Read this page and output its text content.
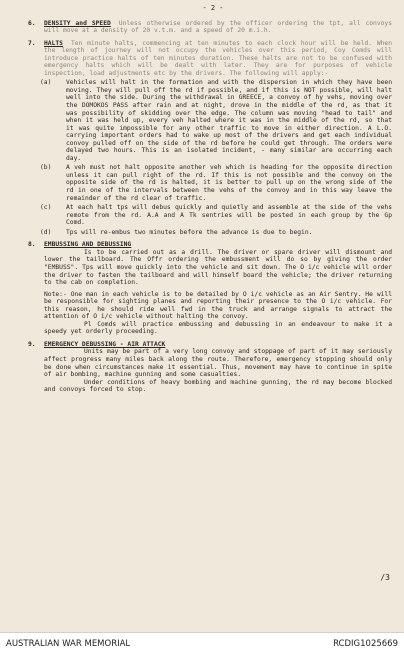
- 2 -
6.	DENSITY and SPEED Unless otherwise ordered by the officer ordering the tpt, all convoys will move at a density of 20 v.t.m. and a speed of 20 m.i.h.

7.	HALTS Ten minute halts, commencing at ten minutes to each clock hour will be held. When the length of journey will not occupy the vehicles over this period, Coy Comds will introduce practice halts of ten minutes duration. These halts are not to be confused with emergency halts which will be dealt with later. They are for purposes of vehicle inspection, load adjustments etc by the drivers. The following will apply:-

(a)	Vehicles will halt in the formation and with the dispersion in which they have been moving. They will pull off the rd if possible, and if this is NOT possible, will halt well into the side. During the withdrawal in GREECE, a convoy of hy vehs, moving over the DOMOKOS PASS after rain and at night, drove in the middle of the rd, as that it was possibility of skidding over the edge. The column was moving "head to tail" and when it was held up, every veh halted where it was in the middle of the rd, so that it was quite impossible for any other traffic to move in either direction. A L.O. carrying important orders had to wake up most of the drivers and get each individual convoy pulled off on the side of the rd before he could get through. The orders were delayed two hours. This is an isolated incident, - many similar are occurring each day.
(b)	A veh must not halt opposite another veh which is heading for the opposite direction unless it can pull right of the rd. If this is not possible and the convoy on the opposite side of the rd is halted, it is better to pull up on the wrong side of the rd in one of the intervals between the vehs of the convoy and in this way leave the remainder of the rd clear of traffic.
(c)	At each halt tps will debus quickly and quietly and assemble at the side of the vehs remote from the rd. A.A and A Tk sentries will be posted in each group by the Gp Comd.
(d)	Tps will re-embus two minutes before the advance is due to begin.
8.	EMBUSSING AND DEBUSSING

Is to be carried out as a drill. The driver or spare driver will dismount and lower the tailboard. The Offr ordering the embussment will do so by giving the order "EMBUSS". Tps will move quickly into the vehicle and sit down. The O i/c vehicle will order the driver to fasten the tailboard and will himself board the vehicle; the driver returning to the cab on completion.

Note:- One man in each vehicle is to be detailed by O i/c vehicle as an Air Sentry. He will be responsible for sighting planes and reporting their presence to the O i/c vehicle. For this reason, he should ride well fwd in the truck and arrange signals to attract the attention of O i/c vehicle without halting the convoy.

Pl Comds will practice embussing and debussing in an endeavour to make it a speedy yet orderly proceeding.

9.	EMERGENCY DEBUSSING - AIR ATTACK

Units may be part of a very long convoy and stoppage of part of it may seriously affect progress many miles back along the route. Therefore, emergency stopping should only be done when circumstances make it essential. Thus, movement may have to continue in spite of air bombing, machine gunning and some casualties.

Under conditions of heavy bombing and machine gunning, the rd may become blocked and convoys forced to stop.

/3
AUSTRALIAN WAR MEMORIAL	RCDIG1025669
